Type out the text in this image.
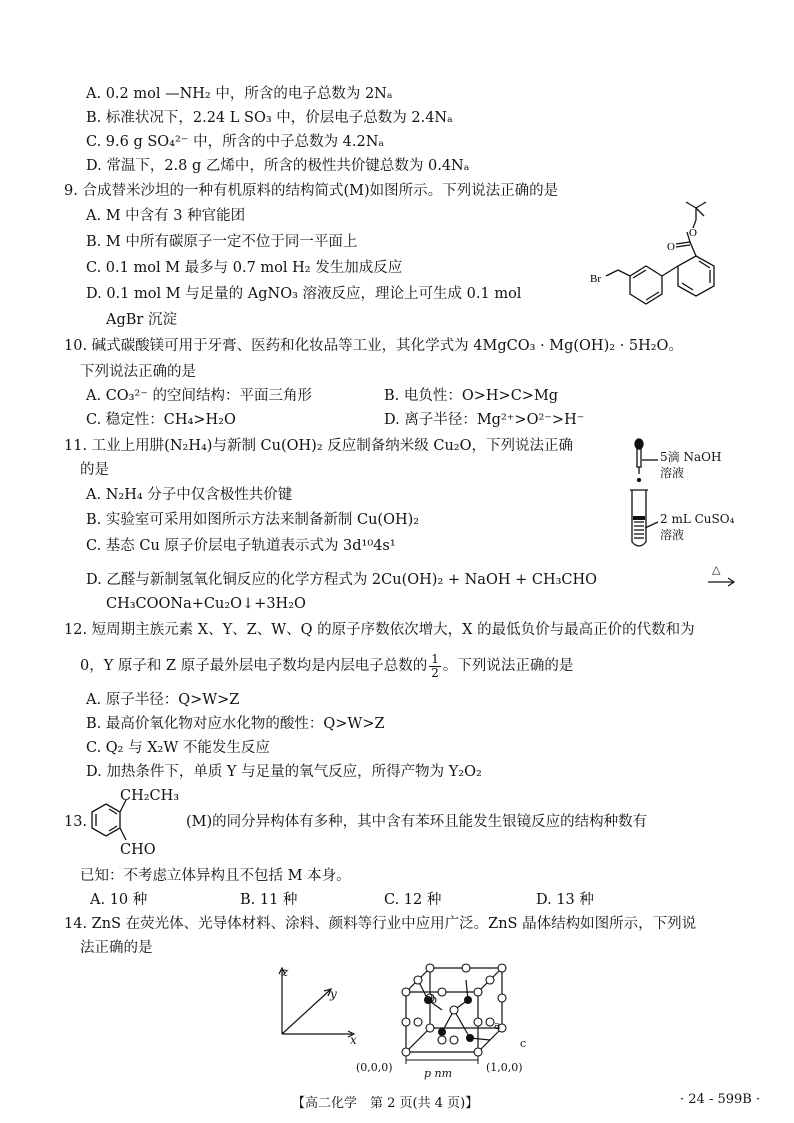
A. 0.2 mol —NH₂ 中，所含的电子总数为 2Nₐ
B. 标准状况下，2.24 L SO₃ 中，价层电子总数为 2.4Nₐ
C. 9.6 g SO₄²⁻ 中，所含的中子总数为 4.2Nₐ
D. 常温下，2.8 g 乙烯中，所含的极性共价键总数为 0.4Nₐ
9. 合成替米沙坦的一种有机原料的结构简式(M)如图所示。下列说法正确的是
A. M 中含有 3 种官能团
B. M 中所有碳原子一定不位于同一平面上
C. 0.1 mol M 最多与 0.7 mol H₂ 发生加成反应
D. 0.1 mol M 与足量的 AgNO₃ 溶液反应，理论上可生成 0.1 mol
AgBr 沉淀
O
O
Br
10. 碱式碳酸镁可用于牙膏、医药和化妆品等工业，其化学式为 4MgCO₃ · Mg(OH)₂ · 5H₂O。
下列说法正确的是
A. CO₃²⁻ 的空间结构：平面三角形	B. 电负性：O>H>C>Mg
C. 稳定性：CH₄>H₂O	D. 离子半径：Mg²⁺>O²⁻>H⁻
11. 工业上用肼(N₂H₄)与新制 Cu(OH)₂ 反应制备纳米级 Cu₂O，下列说法正确
的是
A. N₂H₄ 分子中仅含极性共价键
B. 实验室可采用如图所示方法来制备新制 Cu(OH)₂
C. 基态 Cu 原子价层电子轨道表示式为 3d¹⁰4s¹
5滴 NaOH
溶液
2 mL CuSO₄
溶液
D. 乙醛与新制氢氧化铜反应的化学方程式为 2Cu(OH)₂ + NaOH + CH₃CHO
△
CH₃COONa+Cu₂O↓+3H₂O
12. 短周期主族元素 X、Y、Z、W、Q 的原子序数依次增大，X 的最低负价与最高正价的代数和为
0，Y 原子和 Z 原子最外层电子数均是内层电子总数的 $\frac{1}{2}$ 。下列说法正确的是
A. 原子半径：Q>W>Z
B. 最高价氧化物对应水化物的酸性：Q>W>Z
C. Q₂ 与 X₂W 不能发生反应
D. 加热条件下，单质 Y 与足量的氧气反应，所得产物为 Y₂O₂
13.
CH₂CH₃
CHO
(M)的同分异构体有多种，其中含有苯环且能发生银镜反应的结构种数有
已知：不考虑立体异构且不包括 M 本身。
A. 10 种	B. 11 种	C. 12 种	D. 13 种
14. ZnS 在荧光体、光导体材料、涂料、颜料等行业中应用广泛。ZnS 晶体结构如图所示，下列说
法正确的是
z
y
x
b
a
c
(0,0,0)	(1,0,0)
p nm
【高二化学　第 2 页(共 4 页)】	· 24 - 599B ·
